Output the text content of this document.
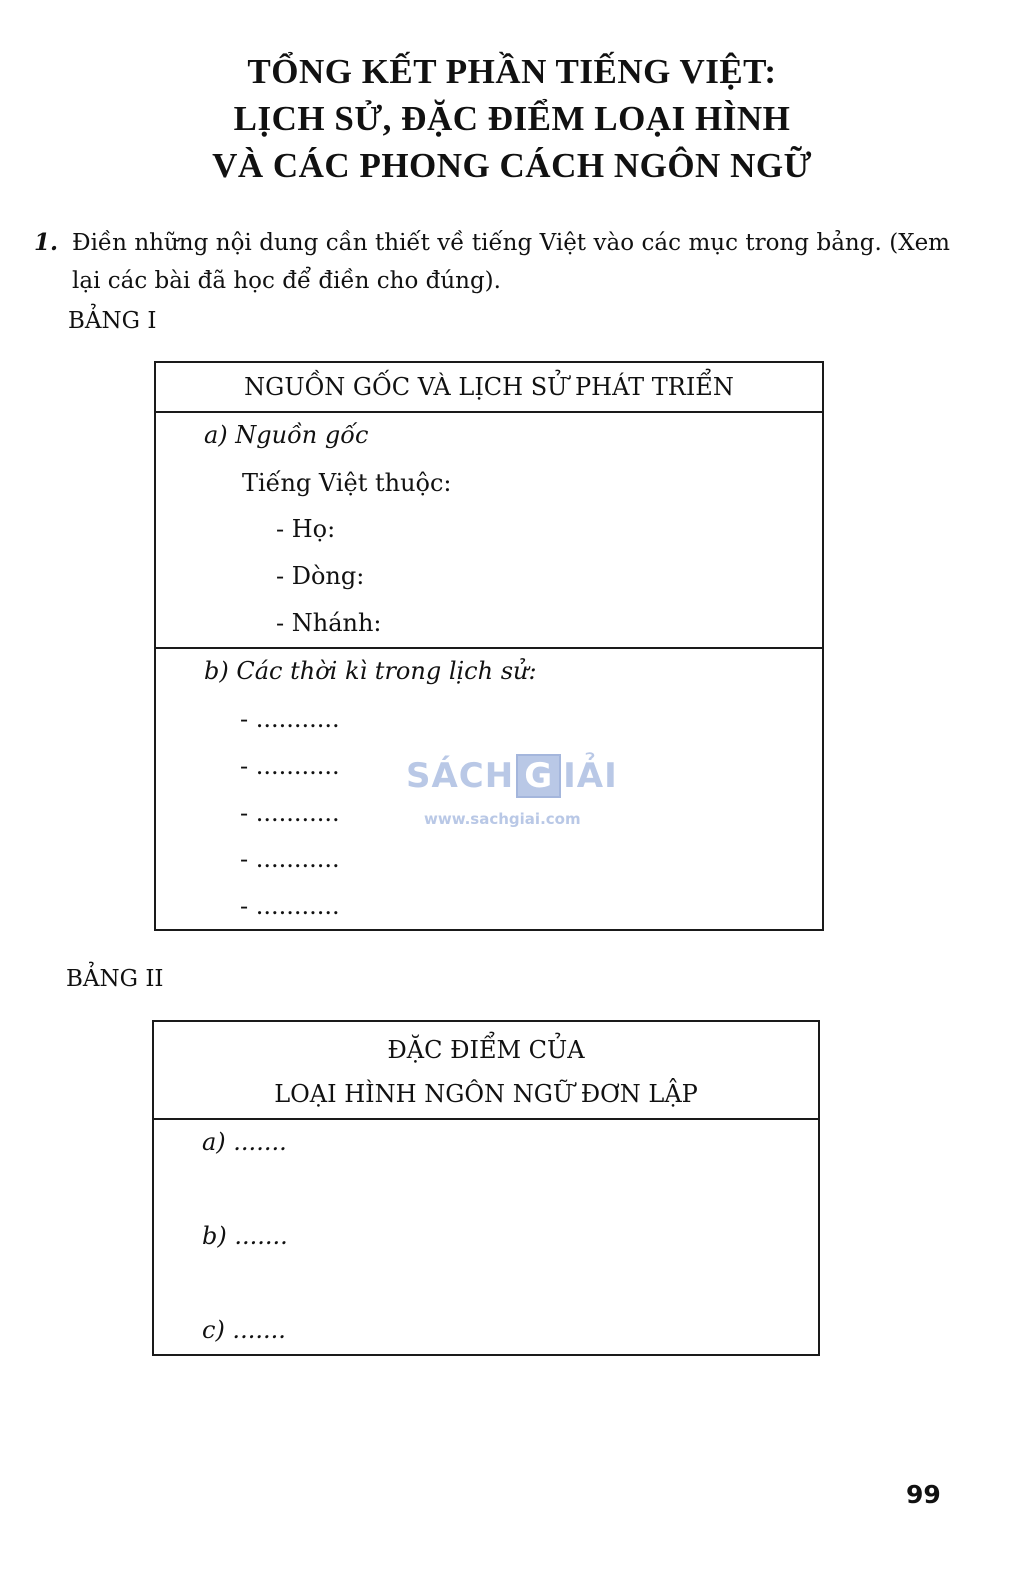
TỔNG KẾT PHẦN TIẾNG VIỆT:
LỊCH SỬ, ĐẶC ĐIỂM LOẠI HÌNH
VÀ CÁC PHONG CÁCH NGÔN NGỮ
1. Điền những nội dung cần thiết về tiếng Việt vào các mục trong bảng. (Xem lại các bài đã học để điền cho đúng).
BẢNG I
NGUỒN GỐC VÀ LỊCH SỬ PHÁT TRIỂN
a) Nguồn gốc
Tiếng Việt thuộc:
- Họ:
- Dòng:
- Nhánh:
b) Các thời kì trong lịch sử:
- ...........
- ...........
- ...........
- ...........
- ...........
SÁCH G IẢI
www.sachgiai.com
BẢNG II
ĐẶC ĐIỂM CỦA
LOẠI HÌNH NGÔN NGỮ ĐƠN LẬP
a) .......
b) .......
c) .......
99
